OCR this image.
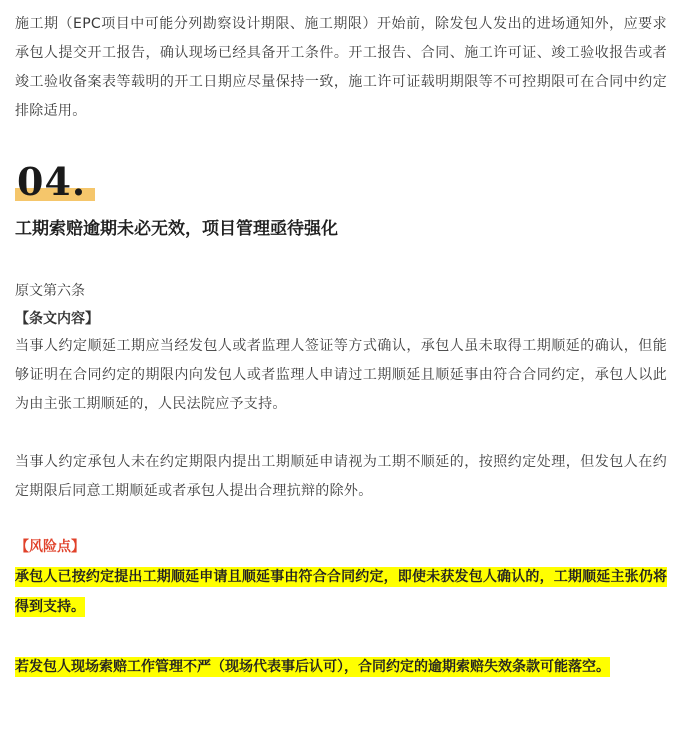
施工期（EPC项目中可能分列勘察设计期限、施工期限）开始前，除发包人发出的进场通知外，应要求承包人提交开工报告，确认现场已经具备开工条件。开工报告、合同、施工许可证、竣工验收报告或者竣工验收备案表等载明的开工日期应尽量保持一致，施工许可证载明期限等不可控期限可在合同中约定排除适用。

04.
工期索赔逾期未必无效，项目管理亟待强化
原文第六条
【条文内容】

当事人约定顺延工期应当经发包人或者监理人签证等方式确认，承包人虽未取得工期顺延的确认，但能够证明在合同约定的期限内向发包人或者监理人申请过工期顺延且顺延事由符合合同约定，承包人以此为由主张工期顺延的，人民法院应予支持。

当事人约定承包人未在约定期限内提出工期顺延申请视为工期不顺延的，按照约定处理，但发包人在约定期限后同意工期顺延或者承包人提出合理抗辩的除外。

【风险点】

承包人已按约定提出工期顺延申请且顺延事由符合合同约定，即使未获发包人确认的，工期顺延主张仍将得到支持。

若发包人现场索赔工作管理不严（现场代表事后认可），合同约定的逾期索赔失效条款可能落空。
